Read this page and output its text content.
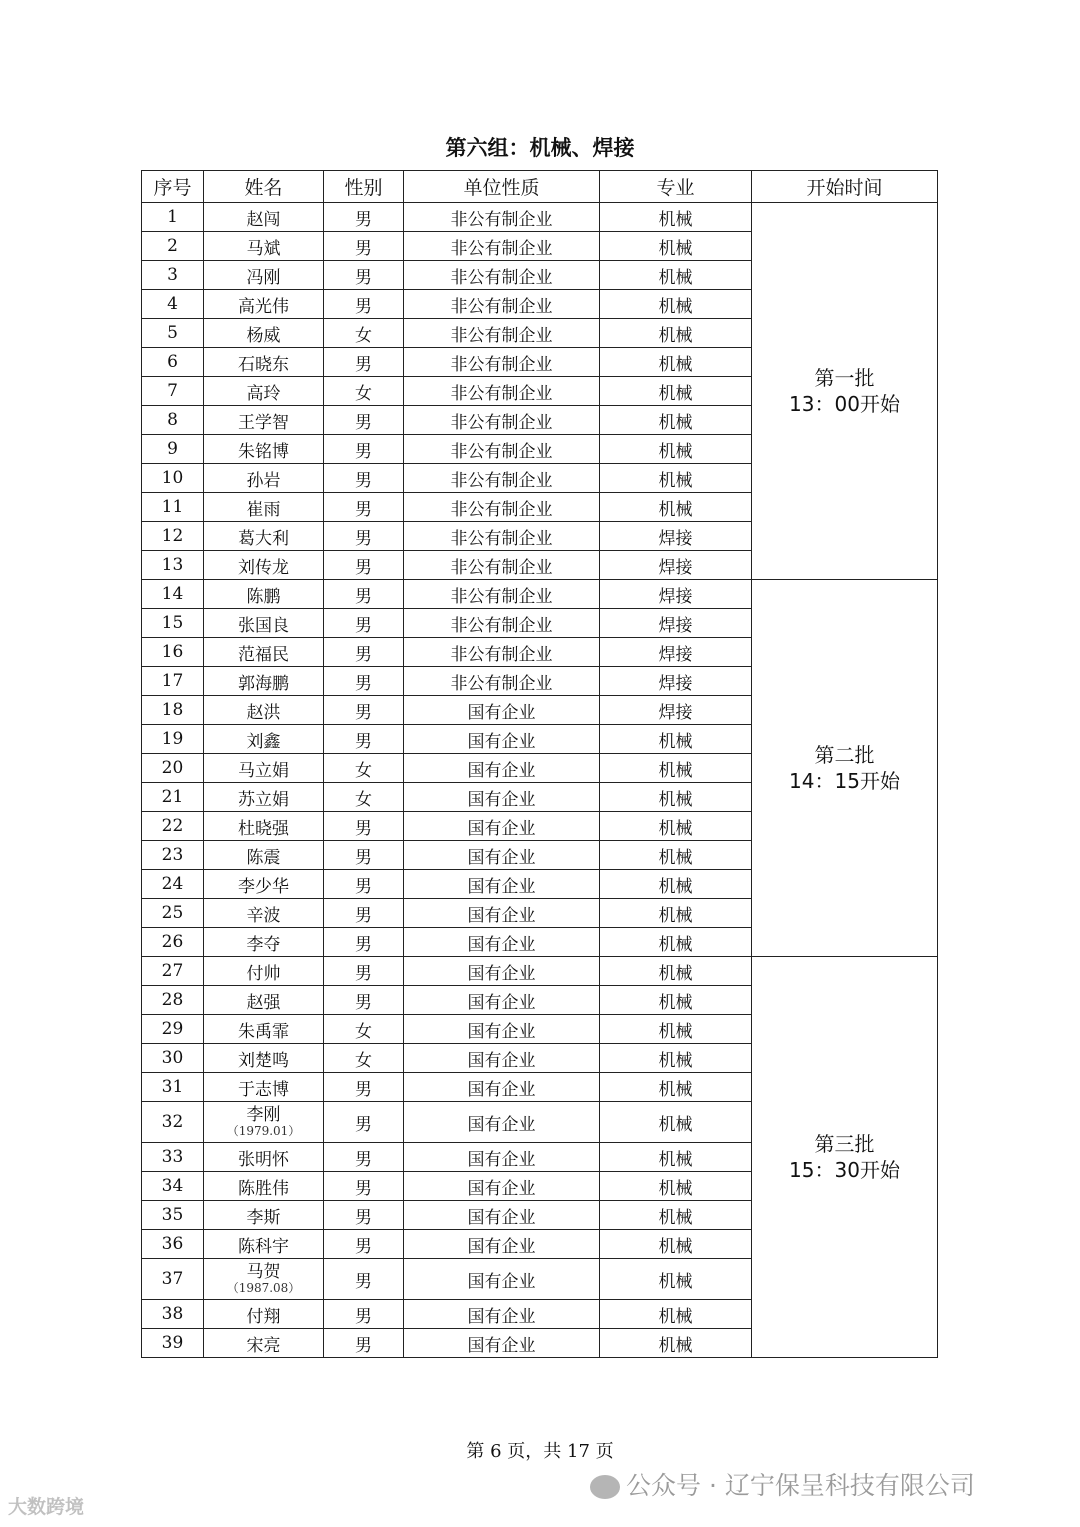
第六组：机械、焊接
序号	姓名	性别	单位性质	专业	开始时间
1	赵闯	男	非公有制企业	机械	第一批
13：00开始

2	马斌	男	非公有制企业	机械	
3	冯刚	男	非公有制企业	机械	
4	高光伟	男	非公有制企业	机械	
5	杨威	女	非公有制企业	机械	
6	石晓东	男	非公有制企业	机械	
7	高玲	女	非公有制企业	机械	
8	王学智	男	非公有制企业	机械	
9	朱铭博	男	非公有制企业	机械	
10	孙岩	男	非公有制企业	机械	
11	崔雨	男	非公有制企业	机械	
12	葛大利	男	非公有制企业	焊接	
13	刘传龙	男	非公有制企业	焊接	
14	陈鹏	男	非公有制企业	焊接	第二批
14：15开始

15	张国良	男	非公有制企业	焊接	
16	范福民	男	非公有制企业	焊接	
17	郭海鹏	男	非公有制企业	焊接	
18	赵洪	男	国有企业	焊接	
19	刘鑫	男	国有企业	机械	
20	马立娟	女	国有企业	机械	
21	苏立娟	女	国有企业	机械	
22	杜晓强	男	国有企业	机械	
23	陈震	男	国有企业	机械	
24	李少华	男	国有企业	机械	
25	辛波	男	国有企业	机械	
26	李夺	男	国有企业	机械	
27	付帅	男	国有企业	机械	第三批
15：30开始

28	赵强	男	国有企业	机械	
29	朱禹霏	女	国有企业	机械	
30	刘楚鸣	女	国有企业	机械	
31	于志博	男	国有企业	机械	
32	李刚
（1979.01）	男	国有企业	机械	
33	张明怀	男	国有企业	机械	
34	陈胜伟	男	国有企业	机械	
35	李斯	男	国有企业	机械	
36	陈科宇	男	国有企业	机械	
37	马贺
（1987.08）	男	国有企业	机械	
38	付翔	男	国有企业	机械	
39	宋亮	男	国有企业	机械	
第 6 页，共 17 页
公众号 · 辽宁保呈科技有限公司
大数跨境
